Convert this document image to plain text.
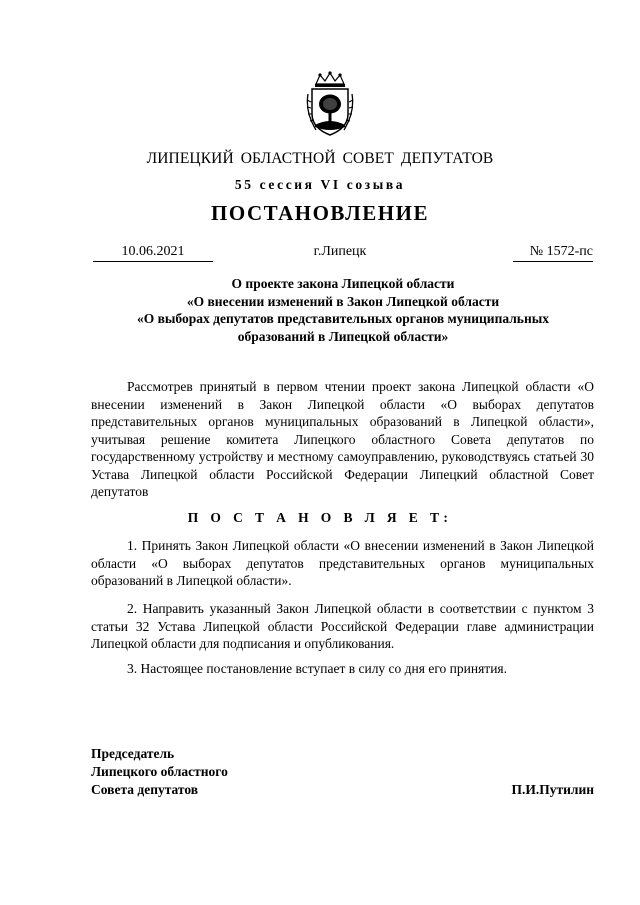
ЛИПЕЦКИЙ ОБЛАСТНОЙ СОВЕТ ДЕПУТАТОВ
55 сессия VI созыва
ПОСТАНОВЛЕНИЕ
10.06.2021	г.Липецк	№ 1572-пс
О проекте закона Липецкой области
«О внесении изменений в Закон Липецкой области
«О выборах депутатов представительных органов муниципальных
образований в Липецкой области»

Рассмотрев принятый в первом чтении проект закона Липецкой области «О внесении изменений в Закон Липецкой области «О выборах депутатов представительных органов муниципальных образований в Липецкой области», учитывая решение комитета Липецкого областного Совета депутатов по государственному устройству и местному самоуправлению, руководствуясь статьей 30 Устава Липецкой области Российской Федерации Липецкий областной Совет депутатов

П О С Т А Н О В Л Я Е Т:

1. Принять Закон Липецкой области «О внесении изменений в Закон Липецкой области «О выборах депутатов представительных органов муниципальных образований в Липецкой области».

2. Направить указанный Закон Липецкой области в соответствии с пунктом 3 статьи 32 Устава Липецкой области Российской Федерации главе администрации Липецкой области для подписания и опубликования.

3. Настоящее постановление вступает в силу со дня его принятия.

Председатель
Липецкого областного
Совета депутатов	П.И.Путилин
